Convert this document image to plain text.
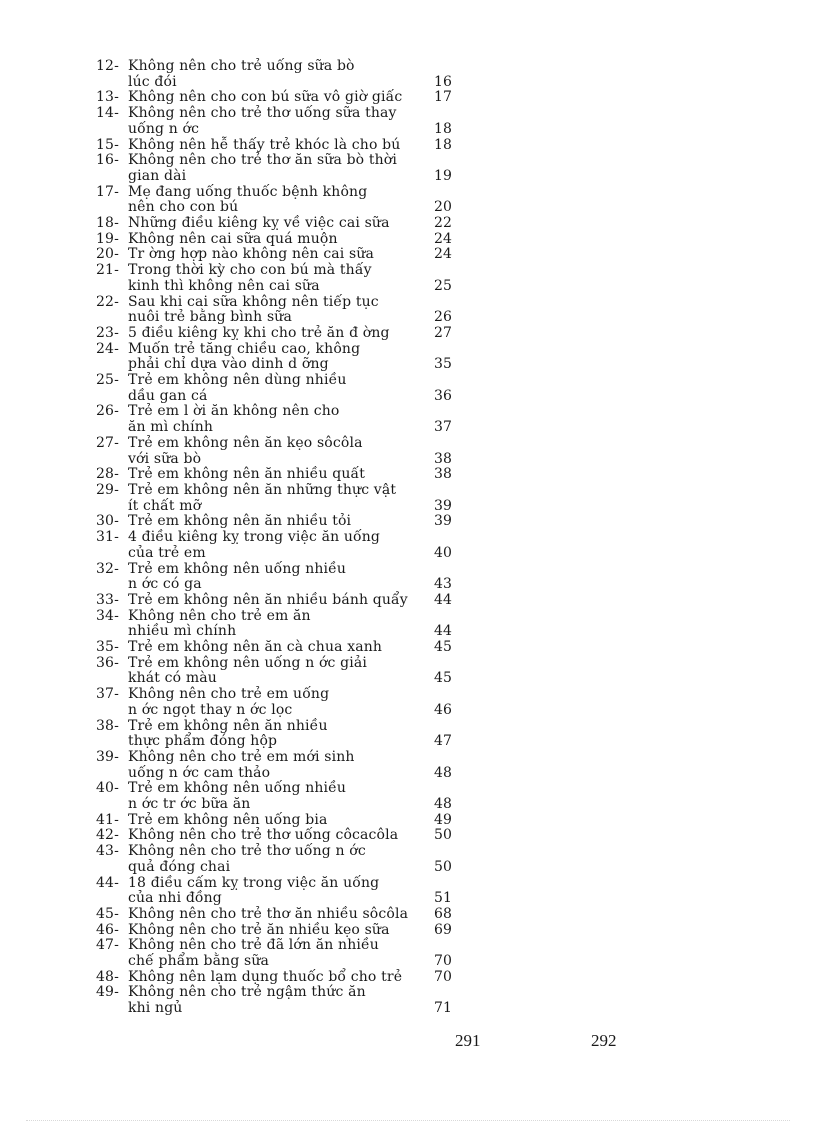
12- Không nên cho trẻ uống sữa bò
lúc đói	16
13- Không nên cho con bú sữa vô giờ giấc	17
14- Không nên cho trẻ thơ uống sữa thay
uống n ớc	18
15- Không nên hễ thấy trẻ khóc là cho bú	18
16- Không nên cho trẻ thơ ăn sữa bò thời
gian dài	19
17- Mẹ đang uống thuốc bệnh không
nên cho con bú	20
18- Những điều kiêng kỵ về việc cai sữa	22
19- Không nên cai sữa quá muộn	24
20- Tr ờng hợp nào không nên cai sữa	24
21- Trong thời kỳ cho con bú mà thấy
kinh thì không nên cai sữa	25
22- Sau khi cai sữa không nên tiếp tục
nuôi trẻ bằng bình sữa	26
23- 5 điều kiêng kỵ khi cho trẻ ăn đ ờng	27
24- Muốn trẻ tăng chiều cao, không
phải chỉ dựa vào dinh d ỡng	35
25- Trẻ em không nên dùng nhiều
dầu gan cá	36
26- Trẻ em l ời ăn không nên cho
ăn mì chính	37
27- Trẻ em không nên ăn kẹo sôcôla
với sữa bò	38
28- Trẻ em không nên ăn nhiều quất	38
29- Trẻ em không nên ăn những thực vật
ít chất mỡ	39
30- Trẻ em không nên ăn nhiều tỏi	39
31- 4 điều kiêng kỵ trong việc ăn uống
của trẻ em	40
32- Trẻ em không nên uống nhiều
n ớc có ga	43
33- Trẻ em không nên ăn nhiều bánh quẩy	44
34- Không nên cho trẻ em ăn
nhiều mì chính	44
35- Trẻ em không nên ăn cà chua xanh	45
36- Trẻ em không nên uống n ớc giải
khát có màu	45
37- Không nên cho trẻ em uống
n ớc ngọt thay n ớc lọc	46
38- Trẻ em không nên ăn nhiều
thực phẩm đóng hộp	47
39- Không nên cho trẻ em mới sinh
uống n ớc cam thảo	48
40- Trẻ em không nên uống nhiều
n ớc tr ớc bữa ăn	48
41- Trẻ em không nên uống bia	49
42- Không nên cho trẻ thơ uống côcacôla	50
43- Không nên cho trẻ thơ uống n ớc
quả đóng chai	50
44- 18 điều cấm kỵ trong việc ăn uống
của nhi đồng	51
45- Không nên cho trẻ thơ ăn nhiều sôcôla	68
46- Không nên cho trẻ ăn nhiều kẹo sữa	69
47- Không nên cho trẻ đã lớn ăn nhiều
chế phẩm bằng sữa	70
48- Không nên lạm dụng thuốc bổ cho trẻ	70
49- Không nên cho trẻ ngậm thức ăn
khi ngủ	71
291	292
